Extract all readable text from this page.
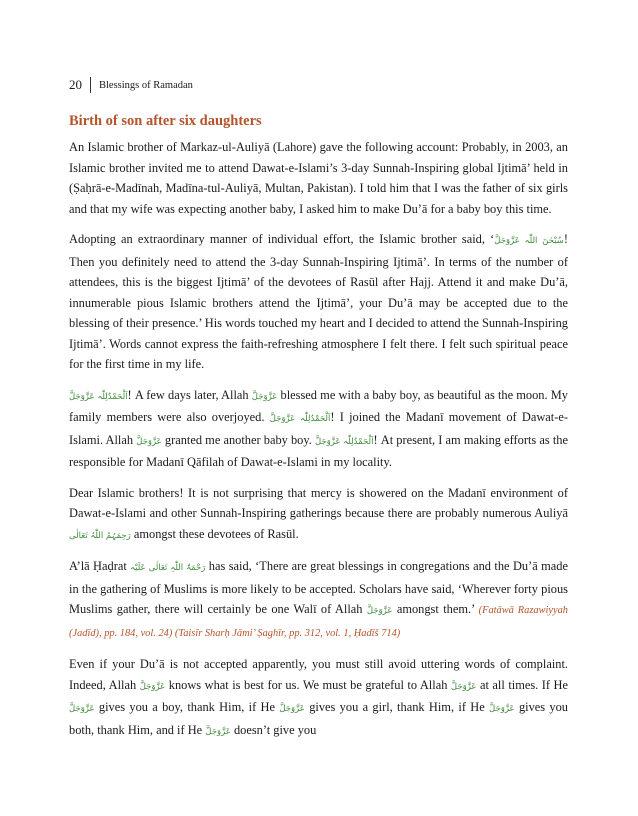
20 Blessings of Ramadan
Birth of son after six daughters

An Islamic brother of Markaz-ul-Auliyā (Lahore) gave the following account: Probably, in 2003, an Islamic brother invited me to attend Dawat-e-Islami’s 3-day Sunnah-Inspiring global Ijtimā’ held in (Ṣaḥrā-e-Madīnah, Madīna-tul-Auliyā, Multan, Pakistan). I told him that I was the father of six girls and that my wife was expecting another baby, I asked him to make Du’ā for a baby boy this time.

Adopting an extraordinary manner of individual effort, the Islamic brother said, ‘سُبْحٰنَ اللّٰہ عَزَّوَجَلَّ! Then you definitely need to attend the 3-day Sunnah-Inspiring Ijtimā’. In terms of the number of attendees, this is the biggest Ijtimā’ of the devotees of Rasūl after Hajj. Attend it and make Du’ā, innumerable pious Islamic brothers attend the Ijtimā’, your Du’ā may be accepted due to the blessing of their presence.’ His words touched my heart and I decided to attend the Sunnah-Inspiring Ijtimā’. Words cannot express the faith-refreshing atmosphere I felt there. I felt such spiritual peace for the first time in my life.

اَلْحَمْدُلِلّٰہ عَزَّوَجَلَّ! A few days later, Allah عَزَّوَجَلَّ blessed me with a baby boy, as beautiful as the moon. My family members were also overjoyed. اَلْحَمْدُلِلّٰہ عَزَّوَجَلَّ! I joined the Madanī movement of Dawat-e-Islami. Allah عَزَّوَجَلَّ granted me another baby boy. اَلْحَمْدُلِلّٰہ عَزَّوَجَلَّ! At present, I am making efforts as the responsible for Madanī Qāfilah of Dawat-e-Islami in my locality.

Dear Islamic brothers! It is not surprising that mercy is showered on the Madanī environment of Dawat-e-Islami and other Sunnah-Inspiring gatherings because there are probably numerous Auliyā رَحِمَہُمُ اللّٰہُ تَعَالٰی amongst these devotees of Rasūl.

A’lā Ḥaḍrat رَحْمَۃُ اللّٰہِ تَعَالٰی عَلَیْہ has said, ‘There are great blessings in congregations and the Du’ā made in the gathering of Muslims is more likely to be accepted. Scholars have said, ‘Wherever forty pious Muslims gather, there will certainly be one Walī of Allah عَزَّوَجَلَّ amongst them.’ (Fatāwā Razawiyyah (Jadīd), pp. 184, vol. 24) (Taisīr Sharḥ Jāmi’ Ṣaghīr, pp. 312, vol. 1, Ḥadīš 714)

Even if your Du’ā is not accepted apparently, you must still avoid uttering words of complaint. Indeed, Allah عَزَّوَجَلَّ knows what is best for us. We must be grateful to Allah عَزَّوَجَلَّ at all times. If He عَزَّوَجَلَّ gives you a boy, thank Him, if He عَزَّوَجَلَّ gives you a girl, thank Him, if He عَزَّوَجَلَّ gives you both, thank Him, and if He عَزَّوَجَلَّ doesn’t give you
